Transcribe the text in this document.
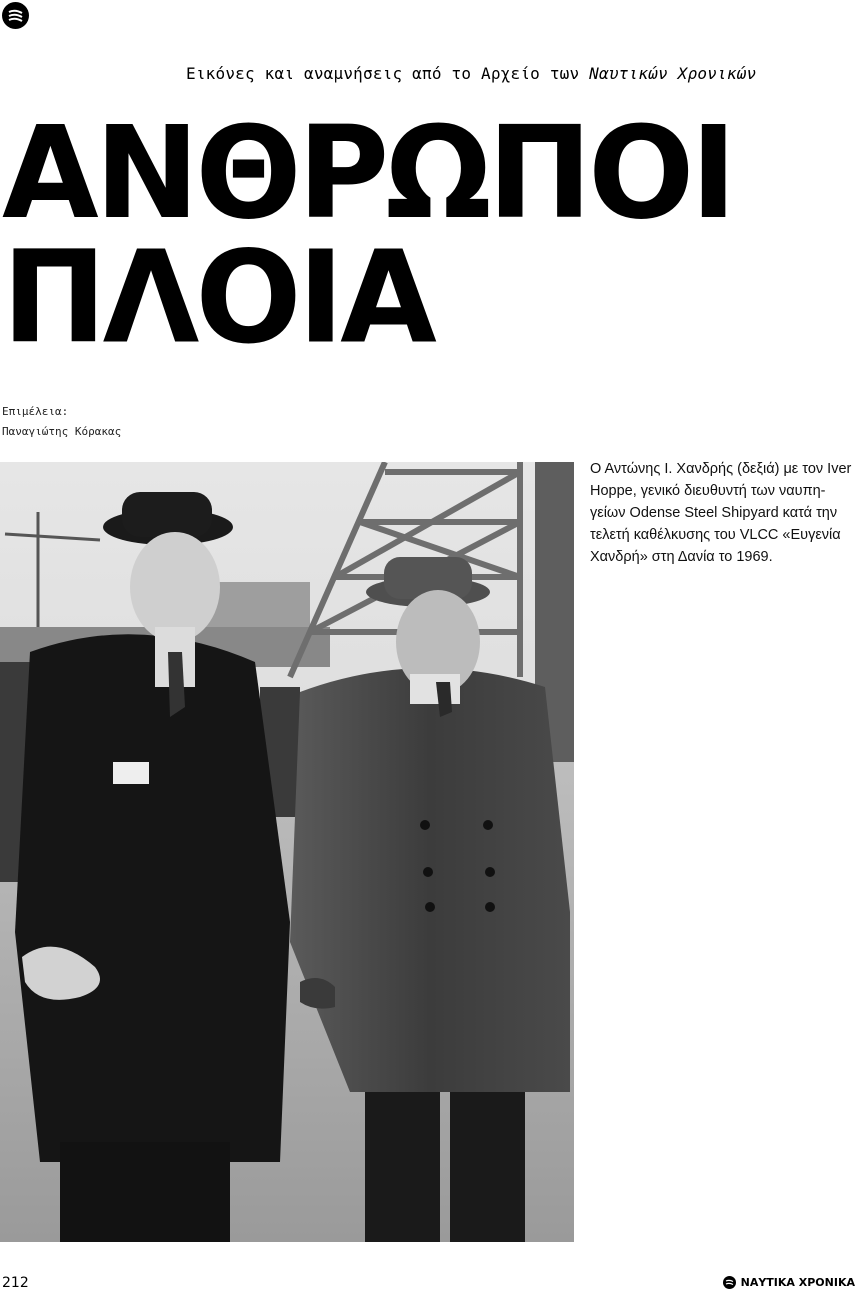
Εικόνες και αναμνήσεις από το Αρχείο των Ναυτικών Χρονικών
ΑΝΘΡΩΠΟΙ
ΠΛΟΙΑ
Επιμέλεια:
Παναγιώτης Κόρακας
Ο Αντώνης Ι. Χανδρής (δεξιά) με τον Iver Hoppe, γενικό διευθυντή των ναυπη-γείων Odense Steel Shipyard κατά την τελετή καθέλκυσης του VLCC «Ευγενία Χανδρή» στη Δανία το 1969.
212	ΝΑΥΤΙΚΑ ΧΡΟΝΙΚΑ
